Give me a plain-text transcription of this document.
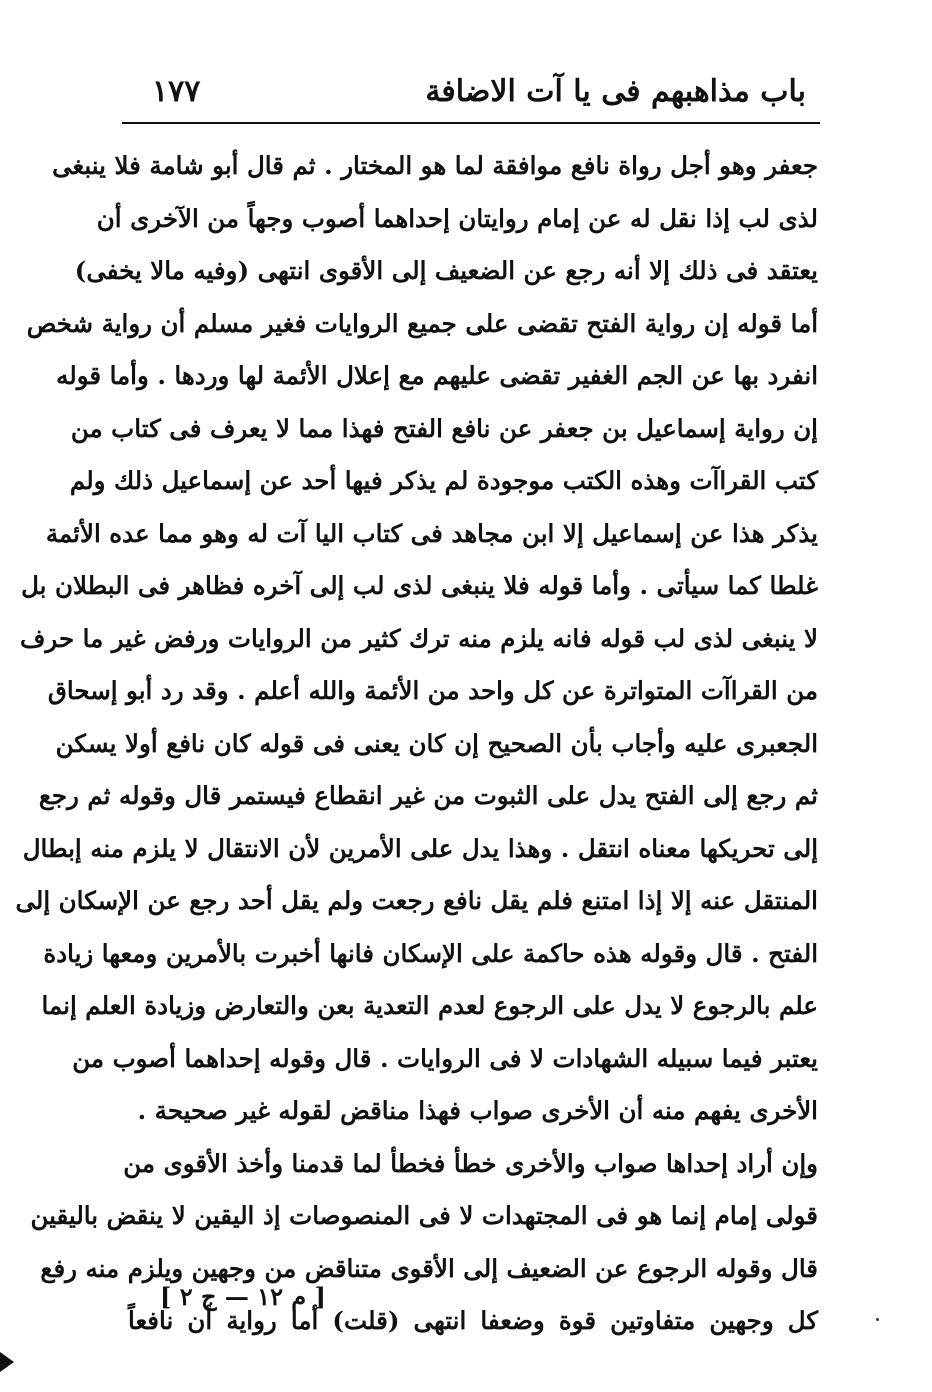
باب مذاهبهم فى يا آت الاضافة
١٧٧
جعفر وهو أجل رواة نافع موافقة لما هو المختار . ثم قال أبو شامة فلا ينبغى
لذى لب إذا نقل له عن إمام روايتان إحداهما أصوب وجهاً من الآخرى أن
يعتقد فى ذلك إلا أنه رجع عن الضعيف إلى الأقوى انتهى (وفيه مالا يخفى)
أما قوله إن رواية الفتح تقضى على جميع الروايات فغير مسلم أن رواية شخص
انفرد بها عن الجم الغفير تقضى عليهم مع إعلال الأئمة لها وردها . وأما قوله
إن رواية إسماعيل بن جعفر عن نافع الفتح فهذا مما لا يعرف فى كتاب من
كتب القراآت وهذه الكتب موجودة لم يذكر فيها أحد عن إسماعيل ذلك ولم
يذكر هذا عن إسماعيل إلا ابن مجاهد فى كتاب اليا آت له وهو مما عده الأئمة
غلطا كما سيأتى . وأما قوله فلا ينبغى لذى لب إلى آخره فظاهر فى البطلان بل
لا ينبغى لذى لب قوله فانه يلزم منه ترك كثير من الروايات ورفض غير ما حرف
من القراآت المتواترة عن كل واحد من الأئمة والله أعلم . وقد رد أبو إسحاق
الجعبرى عليه وأجاب بأن الصحيح إن كان يعنى فى قوله كان نافع أولا يسكن
ثم رجع إلى الفتح يدل على الثبوت من غير انقطاع فيستمر قال وقوله ثم رجع
إلى تحريكها معناه انتقل . وهذا يدل على الأمرين لأن الانتقال لا يلزم منه إبطال
المنتقل عنه إلا إذا امتنع فلم يقل نافع رجعت ولم يقل أحد رجع عن الإسكان إلى
الفتح . قال وقوله هذه حاكمة على الإسكان فانها أخبرت بالأمرين ومعها زيادة
علم بالرجوع لا يدل على الرجوع لعدم التعدية بعن والتعارض وزيادة العلم إنما
يعتبر فيما سبيله الشهادات لا فى الروايات . قال وقوله إحداهما أصوب من
الأخرى يفهم منه أن الأخرى صواب فهذا مناقض لقوله غير صحيحة .
وإن أراد إحداها صواب والأخرى خطأ فخطأ لما قدمنا وأخذ الأقوى من
قولى إمام إنما هو فى المجتهدات لا فى المنصوصات إذ اليقين لا ينقض باليقين
قال وقوله الرجوع عن الضعيف إلى الأقوى متناقض من وجهين ويلزم منه رفع
كل وجهين متفاوتين قوة وضعفا انتهى (قلت) أما رواية أن نافعاً
[ م ١٢ — ج ٢ ]
